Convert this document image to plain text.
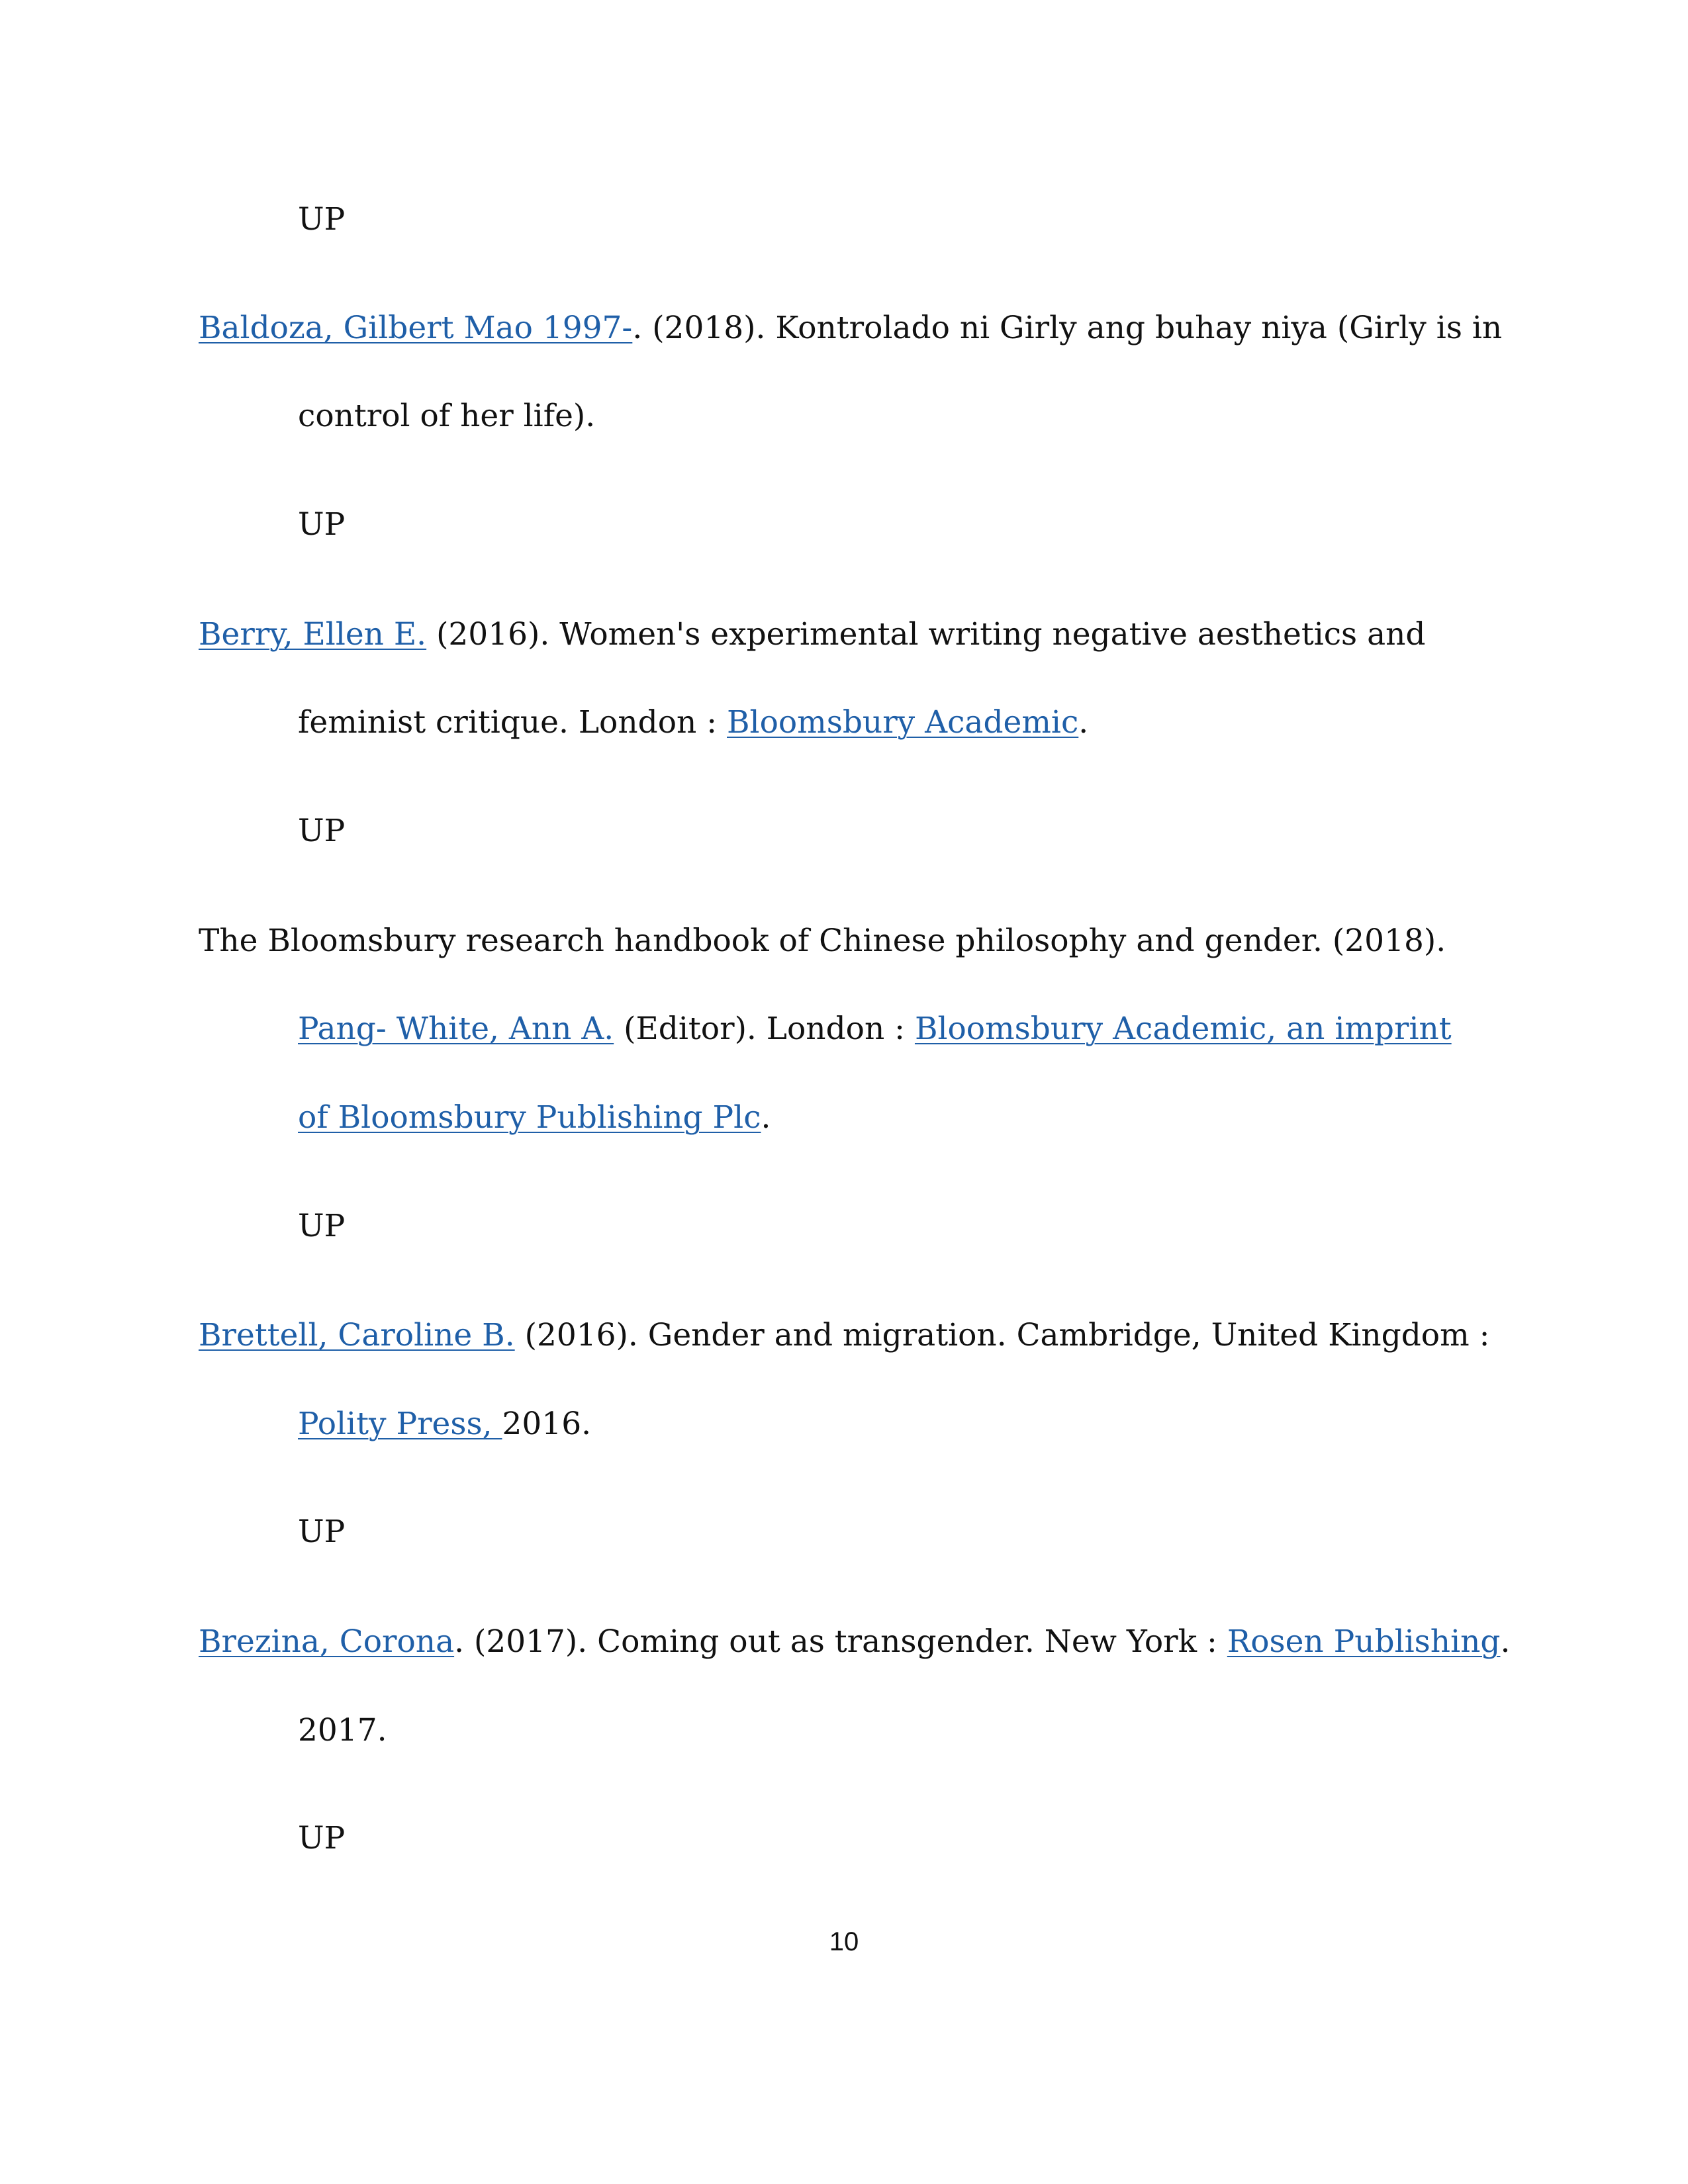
UP
Baldoza, Gilbert Mao 1997-. (2018). Kontrolado ni Girly ang buhay niya (Girly is in
control of her life).
UP
Berry, Ellen E. (2016). Women's experimental writing negative aesthetics and
feminist critique. London : Bloomsbury Academic.
UP
The Bloomsbury research handbook of Chinese philosophy and gender. (2018).
Pang- White, Ann A. (Editor). London : Bloomsbury Academic, an imprint
of Bloomsbury Publishing Plc.
UP
Brettell, Caroline B. (2016). Gender and migration. Cambridge, United Kingdom :
Polity Press, 2016.
UP
Brezina, Corona. (2017). Coming out as transgender. New York : Rosen Publishing.
2017.
UP
10
